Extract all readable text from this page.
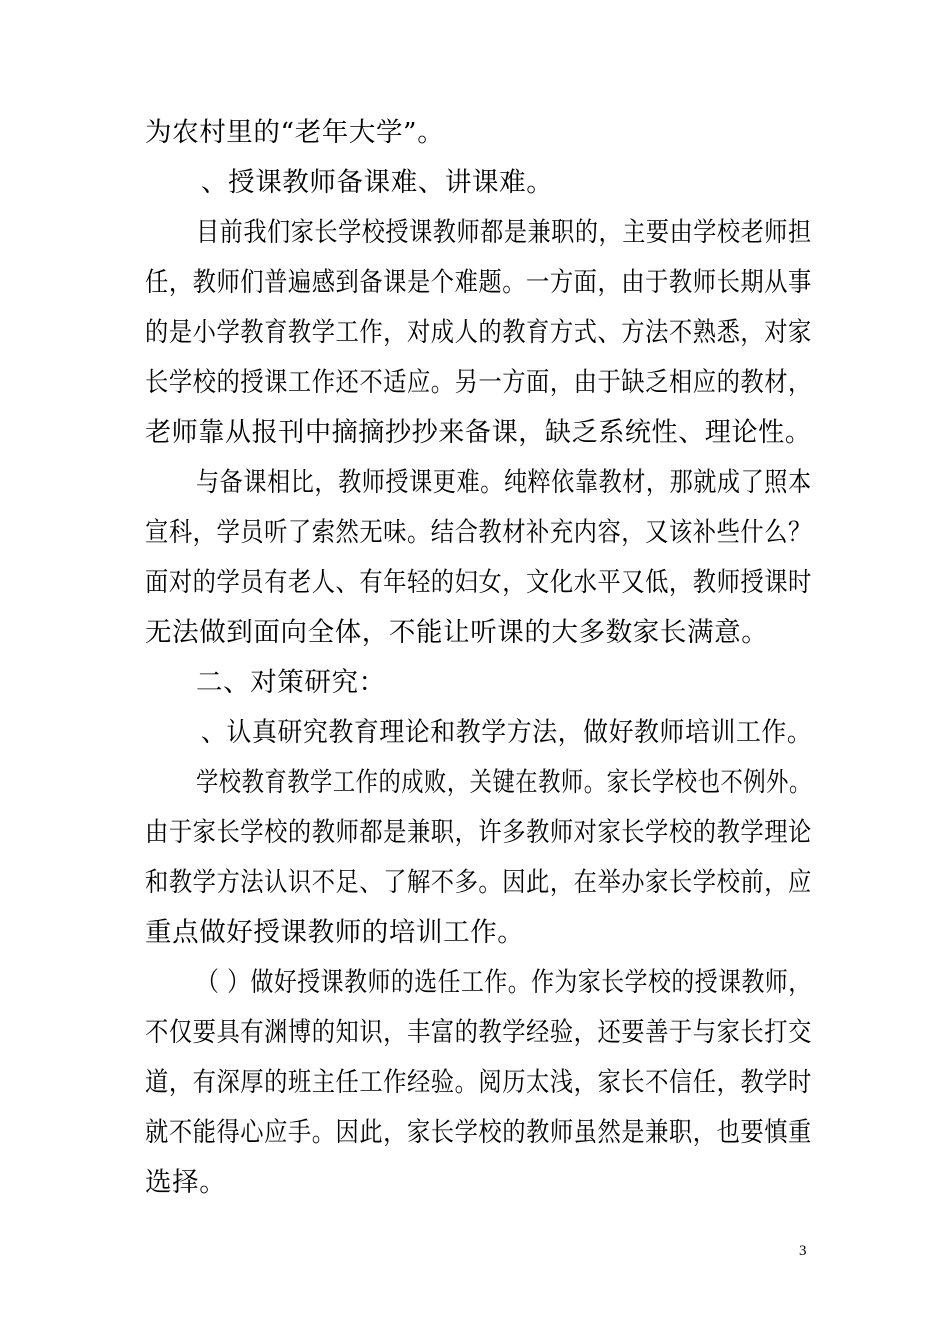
为农村里的“老年大学”。
、授课教师备课难、讲课难。
目前我们家长学校授课教师都是兼职的，主要由学校老师担
任，教师们普遍感到备课是个难题。一方面，由于教师长期从事
的是小学教育教学工作，对成人的教育方式、方法不熟悉，对家
长学校的授课工作还不适应。另一方面，由于缺乏相应的教材，
老师靠从报刊中摘摘抄抄来备课，缺乏系统性、理论性。
与备课相比，教师授课更难。纯粹依靠教材，那就成了照本
宣科，学员听了索然无味。结合教材补充内容，又该补些什么？
面对的学员有老人、有年轻的妇女，文化水平又低，教师授课时
无法做到面向全体，不能让听课的大多数家长满意。
二、对策研究：
、认真研究教育理论和教学方法，做好教师培训工作。
学校教育教学工作的成败，关键在教师。家长学校也不例外。
由于家长学校的教师都是兼职，许多教师对家长学校的教学理论
和教学方法认识不足、了解不多。因此，在举办家长学校前，应
重点做好授课教师的培训工作。
（ ）做好授课教师的选任工作。作为家长学校的授课教师，
不仅要具有渊博的知识，丰富的教学经验，还要善于与家长打交
道，有深厚的班主任工作经验。阅历太浅，家长不信任，教学时
就不能得心应手。因此，家长学校的教师虽然是兼职，也要慎重
选择。
3
